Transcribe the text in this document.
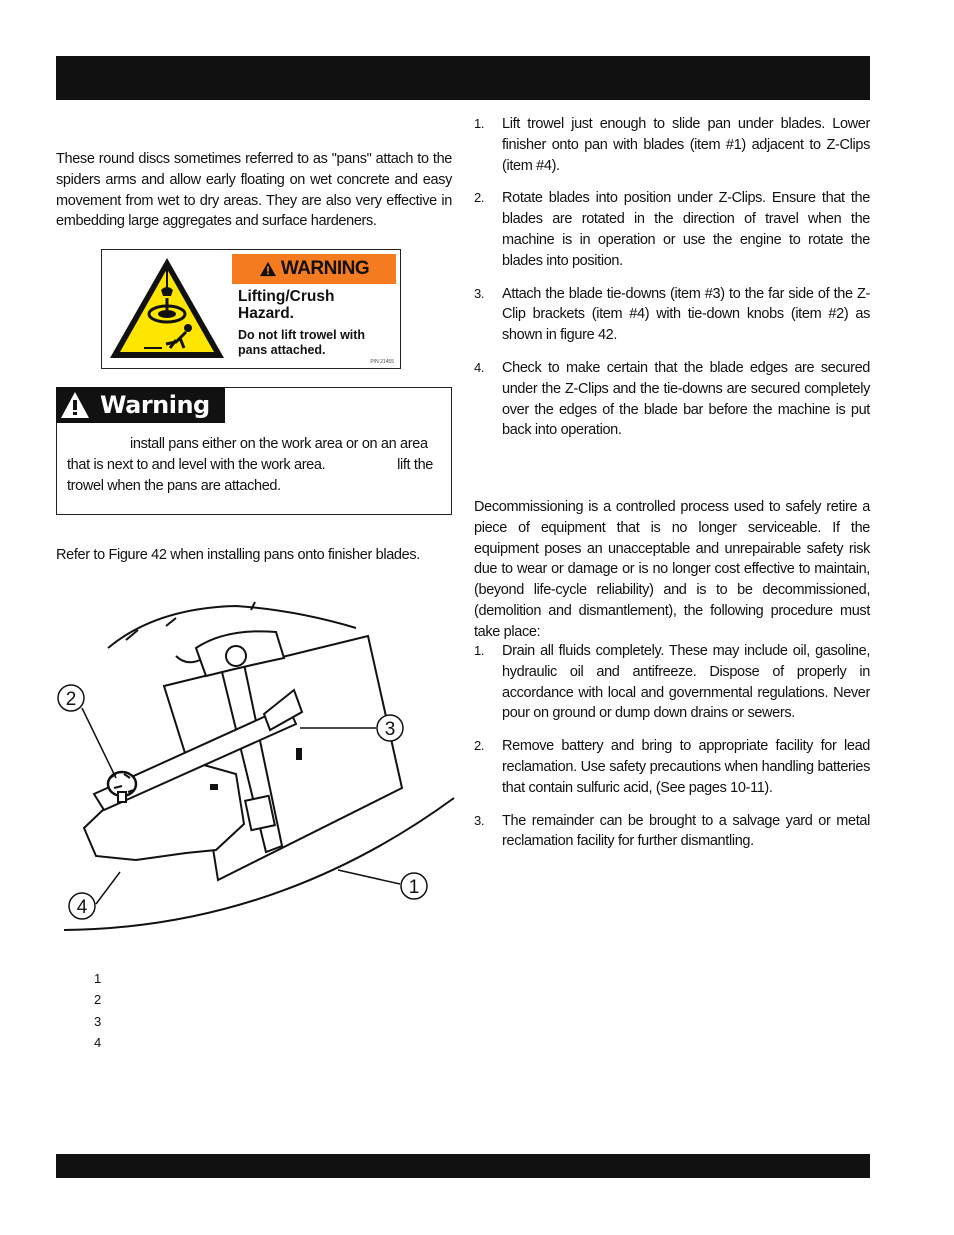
These round discs sometimes referred to as "pans" attach to the spiders arms and allow early floating on wet concrete and easy movement from wet to dry areas. They are also very effective in embedding large aggregates and surface hardeners.

WARNING
Lifting/Crush Hazard.
Do not lift trowel with pans attached.
P/N 21455
Warning
install pans either on the work area or on an area
that is next to and level with the work area.	lift the
trowel when the pans are attached.

Refer to Figure 42 when installing pans onto finisher blades.

2
3
1
4
1
2
3
4
1. Lift trowel just enough to slide pan under blades. Lower finisher onto pan with blades (item #1) adjacent to Z-Clips (item #4).
2. Rotate blades into position under Z-Clips. Ensure that the blades are rotated in the direction of travel when the machine is in operation or use the engine to rotate the blades into position.
3. Attach the blade tie-downs (item #3) to the far side of the Z-Clip brackets (item #4) with tie-down knobs (item #2) as shown in figure 42.
4. Check to make certain that the blade edges are secured under the Z-Clips and the tie-downs are secured completely over the edges of the blade bar before the machine is put back into operation.

Decommissioning is a controlled process used to safely retire a piece of equipment that is no longer serviceable. If the equipment poses an unacceptable and unrepairable safety risk due to wear or damage or is no longer cost effective to maintain, (beyond life-cycle reliability) and is to be decommissioned, (demolition and dismantlement), the following procedure must take place:

1. Drain all fluids completely. These may include oil, gasoline, hydraulic oil and antifreeze. Dispose of properly in accordance with local and governmental regulations. Never pour on ground or dump down drains or sewers.
2. Remove battery and bring to appropriate facility for lead reclamation. Use safety precautions when handling batteries that contain sulfuric acid, (See pages 10-11).
3. The remainder can be brought to a salvage yard or metal reclamation facility for further dismantling.
